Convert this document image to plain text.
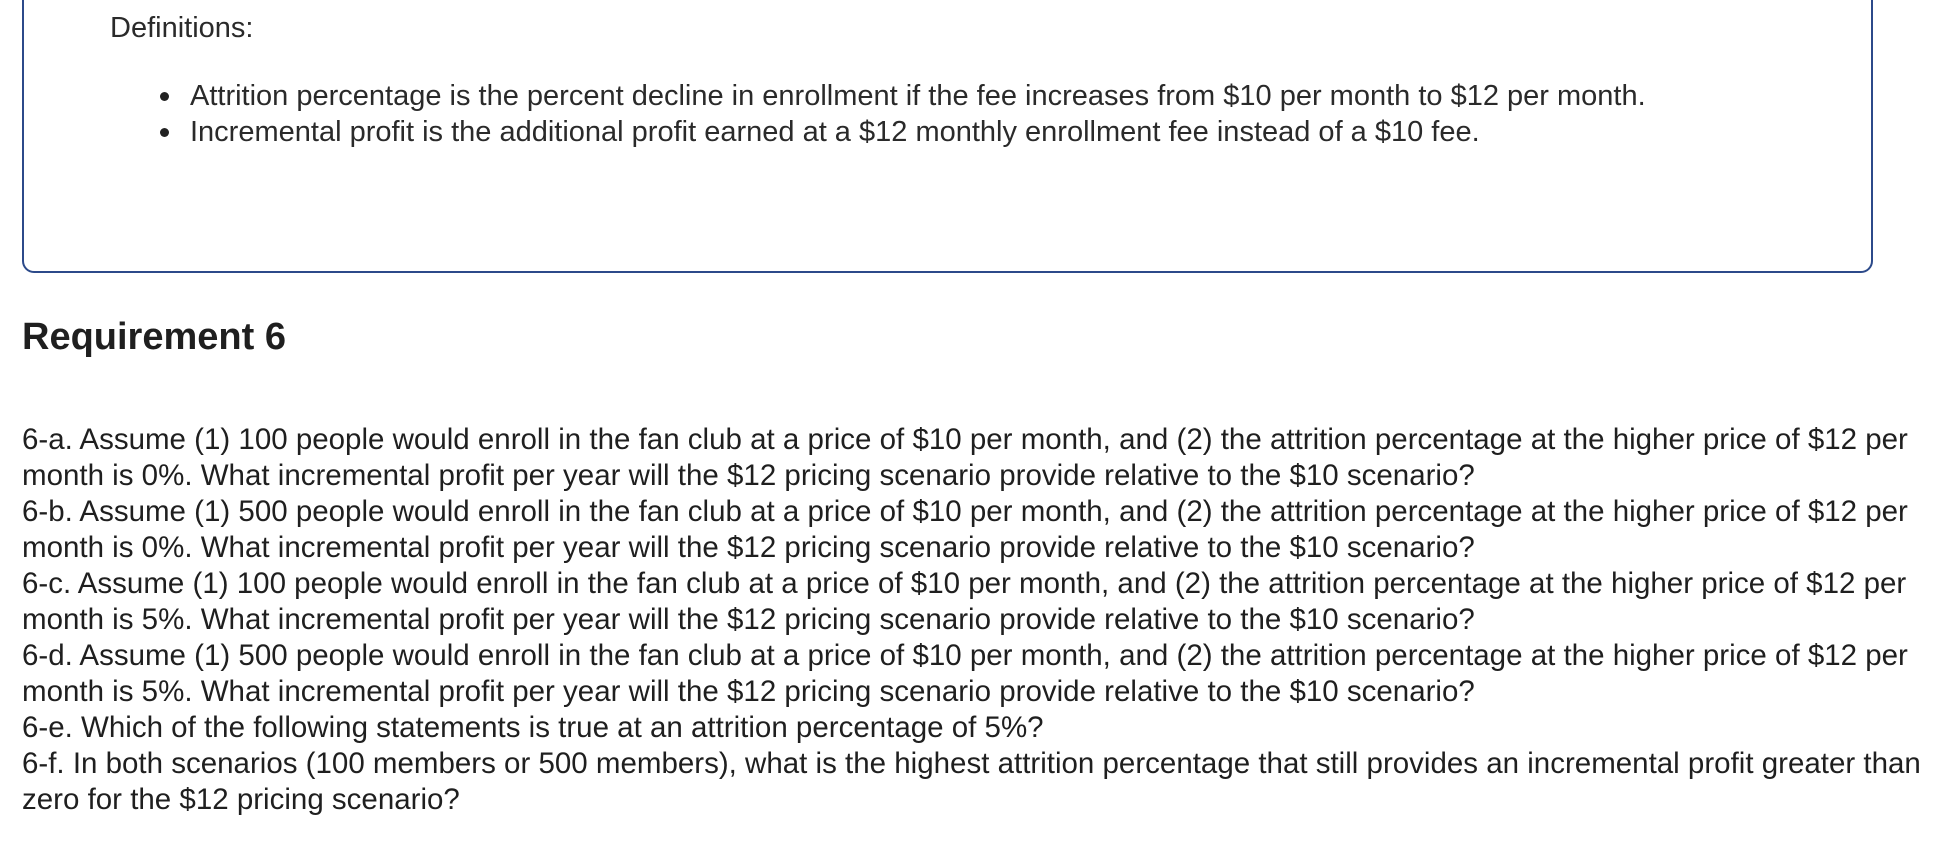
Definitions:

Attrition percentage is the percent decline in enrollment if the fee increases from $10 per month to $12 per month.
Incremental profit is the additional profit earned at a $12 monthly enrollment fee instead of a $10 fee.
Requirement 6

6-a. Assume (1) 100 people would enroll in the fan club at a price of $10 per month, and (2) the attrition percentage at the higher price of $12 per month is 0%. What incremental profit per year will the $12 pricing scenario provide relative to the $10 scenario?

6-b. Assume (1) 500 people would enroll in the fan club at a price of $10 per month, and (2) the attrition percentage at the higher price of $12 per month is 0%. What incremental profit per year will the $12 pricing scenario provide relative to the $10 scenario?

6-c. Assume (1) 100 people would enroll in the fan club at a price of $10 per month, and (2) the attrition percentage at the higher price of $12 per month is 5%. What incremental profit per year will the $12 pricing scenario provide relative to the $10 scenario?

6-d. Assume (1) 500 people would enroll in the fan club at a price of $10 per month, and (2) the attrition percentage at the higher price of $12 per month is 5%. What incremental profit per year will the $12 pricing scenario provide relative to the $10 scenario?

6-e. Which of the following statements is true at an attrition percentage of 5%?

6-f. In both scenarios (100 members or 500 members), what is the highest attrition percentage that still provides an incremental profit greater than zero for the $12 pricing scenario?
